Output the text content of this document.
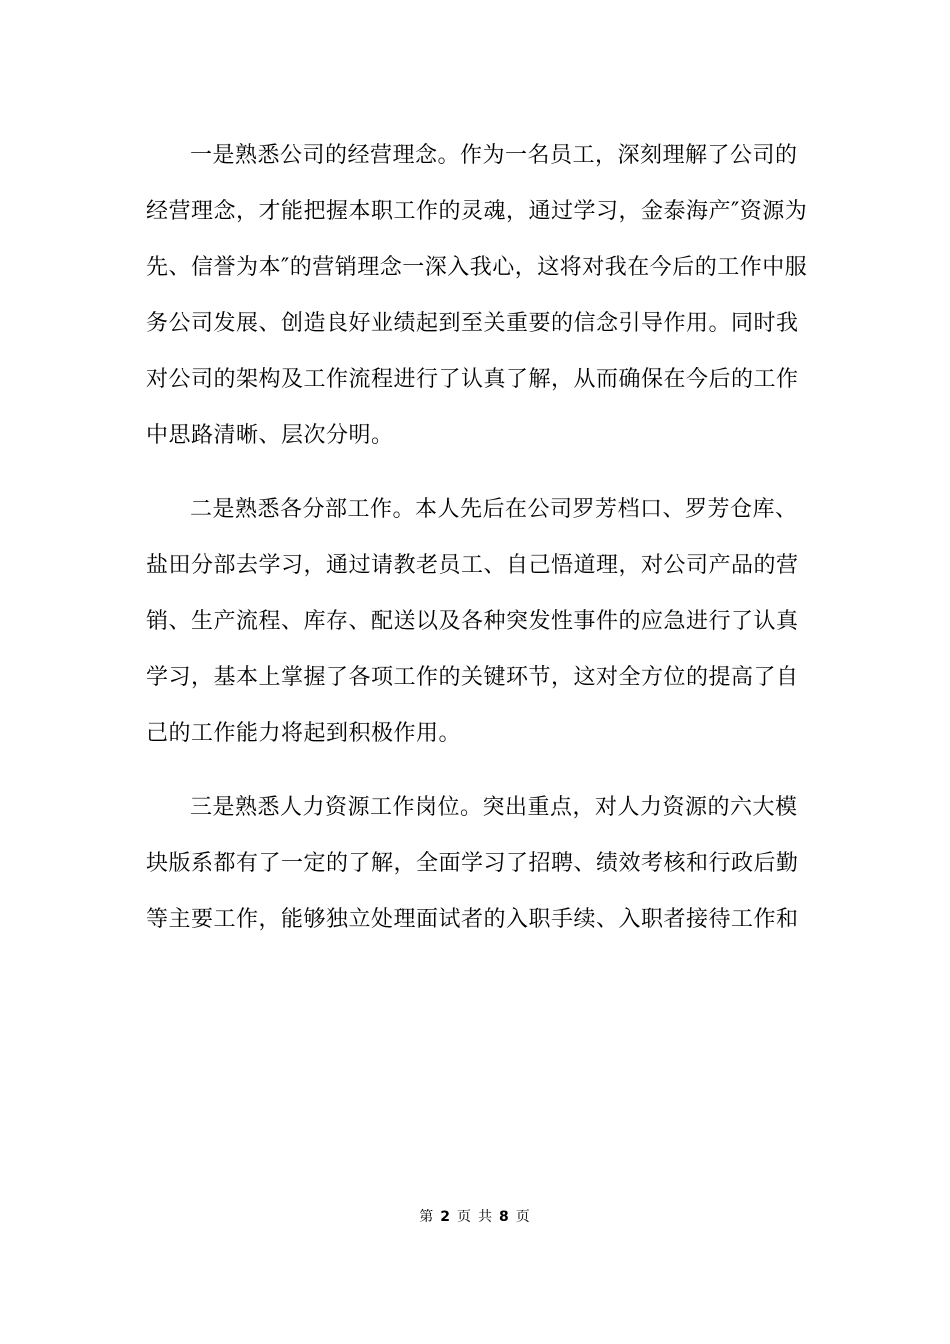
一是熟悉公司的经营理念。作为一名员工，深刻理解了公司的
经营理念，才能把握本职工作的灵魂，通过学习，金泰海产″资源为
先、信誉为本″的营销理念一深入我心，这将对我在今后的工作中服
务公司发展、创造良好业绩起到至关重要的信念引导作用。同时我
对公司的架构及工作流程进行了认真了解，从而确保在今后的工作
中思路清晰、层次分明。
二是熟悉各分部工作。本人先后在公司罗芳档口、罗芳仓库、
盐田分部去学习，通过请教老员工、自己悟道理，对公司产品的营
销、生产流程、库存、配送以及各种突发性事件的应急进行了认真
学习，基本上掌握了各项工作的关键环节，这对全方位的提高了自
己的工作能力将起到积极作用。
三是熟悉人力资源工作岗位。突出重点，对人力资源的六大模
块版系都有了一定的了解，全面学习了招聘、绩效考核和行政后勤
等主要工作，能够独立处理面试者的入职手续、入职者接待工作和
第 2 页 共 8 页
